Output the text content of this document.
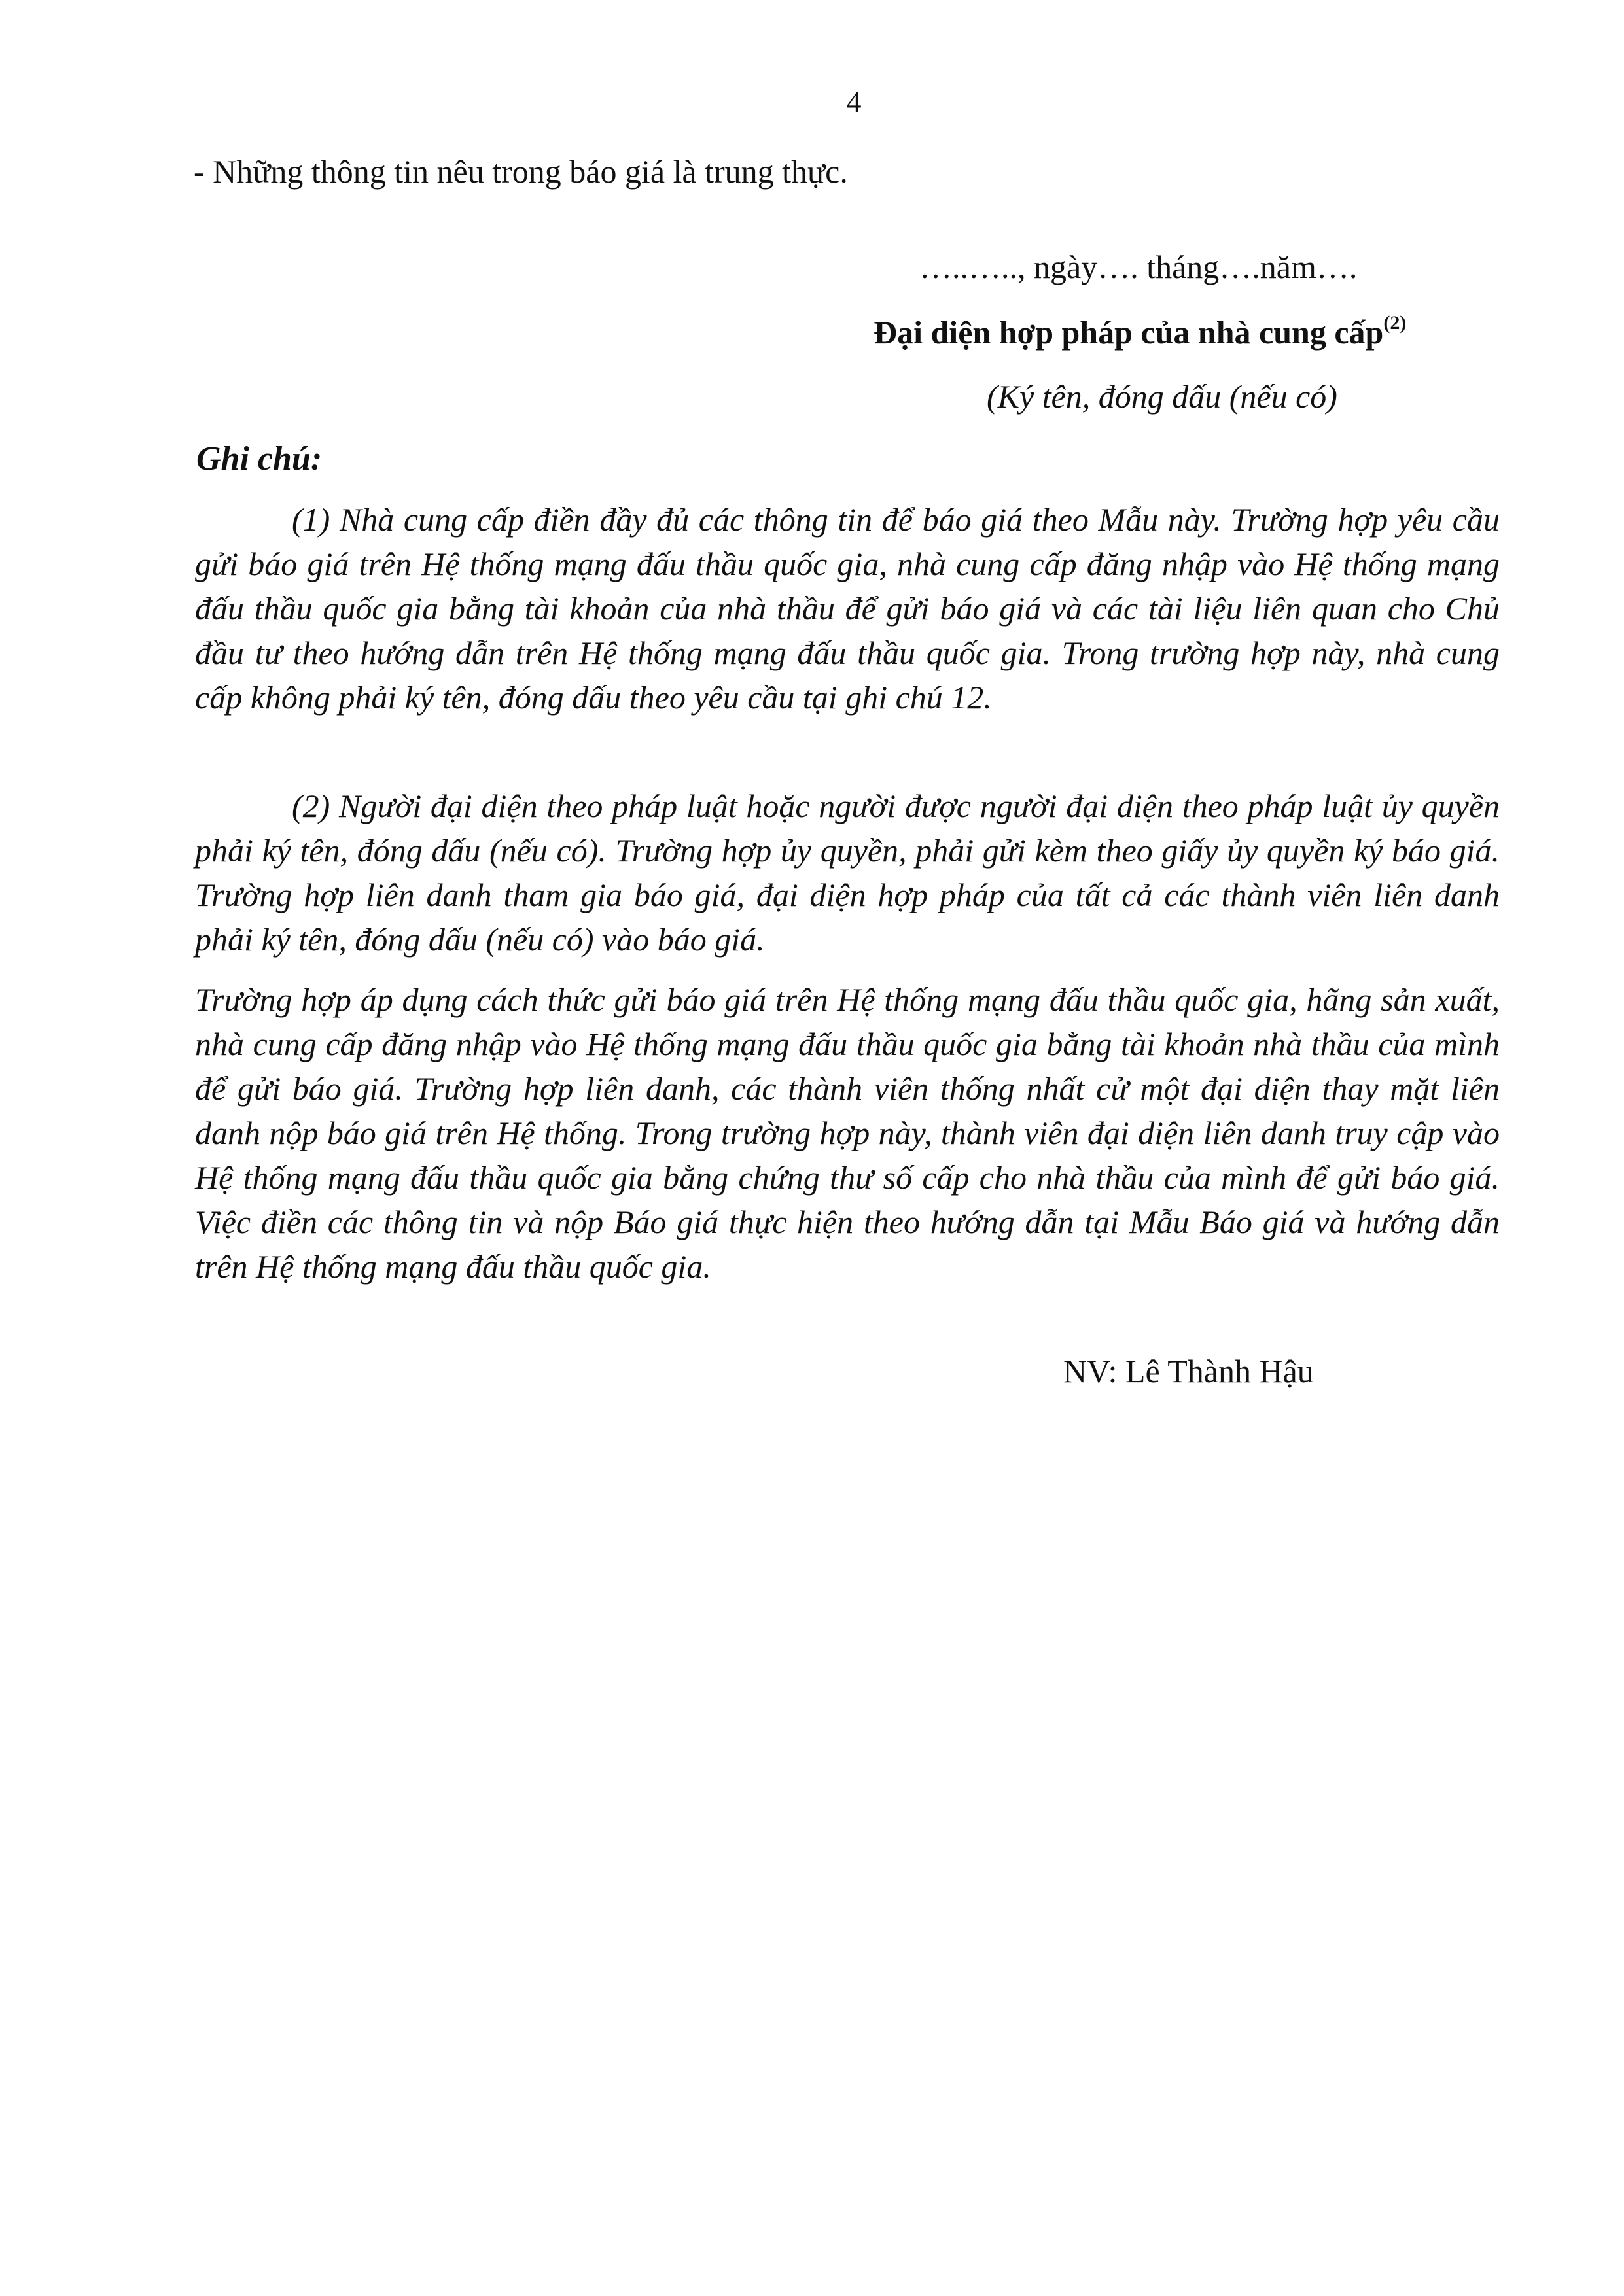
4
- Những thông tin nêu trong báo giá là trung thực.
…..….., ngày…. tháng….năm….
Đại diện hợp pháp của nhà cung cấp$^{(2)}$
(Ký tên, đóng dấu (nếu có)
Ghi chú:
(1) Nhà cung cấp điền đầy đủ các thông tin để báo giá theo Mẫu này. Trường hợp yêu cầu gửi báo giá trên Hệ thống mạng đấu thầu quốc gia, nhà cung cấp đăng nhập vào Hệ thống mạng đấu thầu quốc gia bằng tài khoản của nhà thầu để gửi báo giá và các tài liệu liên quan cho Chủ đầu tư theo hướng dẫn trên Hệ thống mạng đấu thầu quốc gia. Trong trường hợp này, nhà cung cấp không phải ký tên, đóng dấu theo yêu cầu tại ghi chú 12.
(2) Người đại diện theo pháp luật hoặc người được người đại diện theo pháp luật ủy quyền phải ký tên, đóng dấu (nếu có). Trường hợp ủy quyền, phải gửi kèm theo giấy ủy quyền ký báo giá. Trường hợp liên danh tham gia báo giá, đại diện hợp pháp của tất cả các thành viên liên danh phải ký tên, đóng dấu (nếu có) vào báo giá.
Trường hợp áp dụng cách thức gửi báo giá trên Hệ thống mạng đấu thầu quốc gia, hãng sản xuất, nhà cung cấp đăng nhập vào Hệ thống mạng đấu thầu quốc gia bằng tài khoản nhà thầu của mình để gửi báo giá. Trường hợp liên danh, các thành viên thống nhất cử một đại diện thay mặt liên danh nộp báo giá trên Hệ thống. Trong trường hợp này, thành viên đại diện liên danh truy cập vào Hệ thống mạng đấu thầu quốc gia bằng chứng thư số cấp cho nhà thầu của mình để gửi báo giá. Việc điền các thông tin và nộp Báo giá thực hiện theo hướng dẫn tại Mẫu Báo giá và hướng dẫn trên Hệ thống mạng đấu thầu quốc gia.
NV: Lê Thành Hậu
